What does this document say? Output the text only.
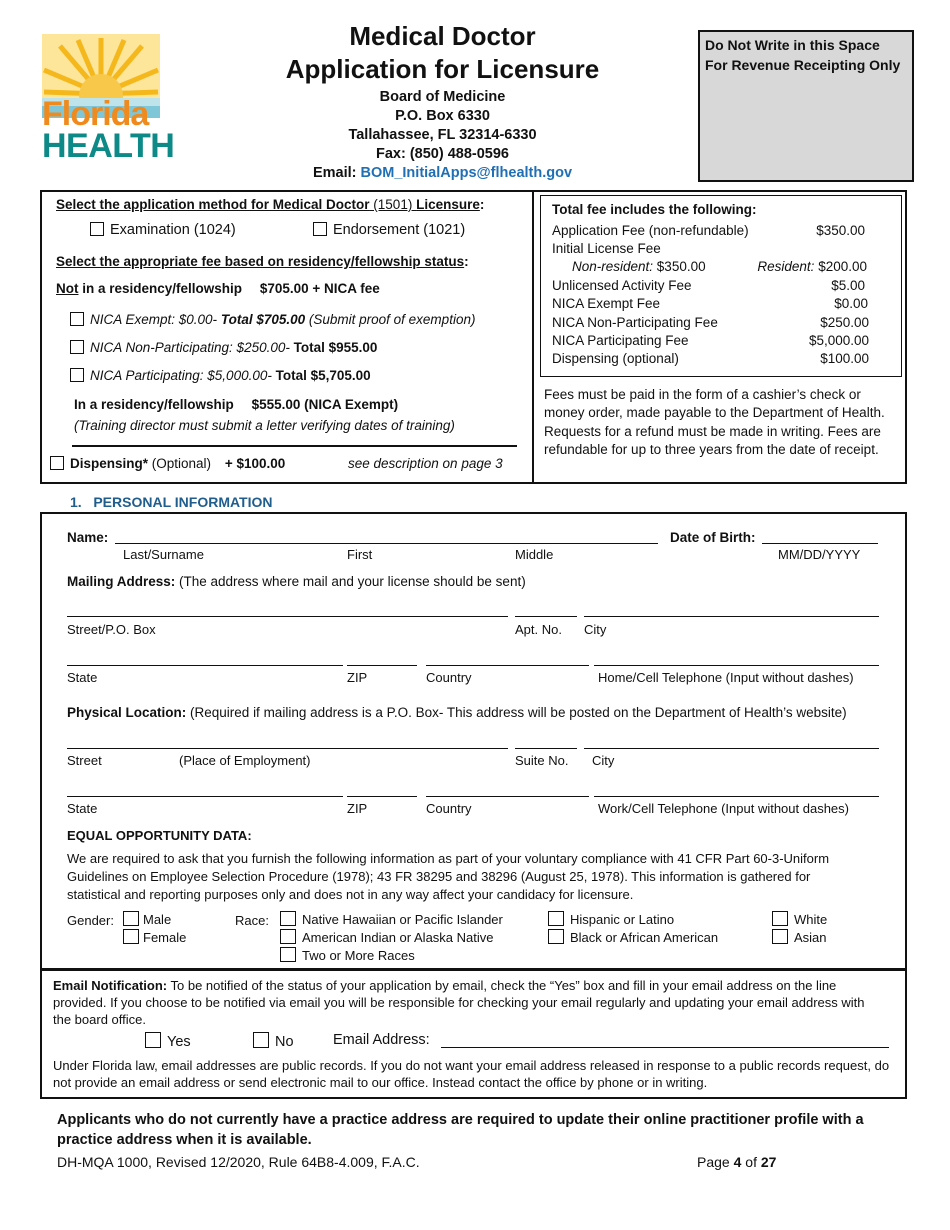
Florida
HEALTH
Medical Doctor
Application for Licensure
Board of Medicine
P.O. Box 6330
Tallahassee, FL 32314-6330
Fax: (850) 488-0596
Email: BOM_InitialApps@flhealth.gov
Do Not Write in this Space
For Revenue Receipting Only
Select the application method for Medical Doctor (1501) Licensure:
Examination (1024)	Endorsement (1021)
Select the appropriate fee based on residency/fellowship status:
Not in a residency/fellowship $705.00 + NICA fee
NICA Exempt: $0.00- Total $705.00 (Submit proof of exemption)
NICA Non-Participating: $250.00- Total $955.00
NICA Participating: $5,000.00- Total $5,705.00
In a residency/fellowship $555.00 (NICA Exempt)
(Training director must submit a letter verifying dates of training)
Dispensing* (Optional) + $100.00	see description on page 3
Total fee includes the following:
Application Fee (non-refundable)	$350.00
Initial License Fee
Non-resident: $350.00	Resident: $200.00
Unlicensed Activity Fee	$5.00
NICA Exempt Fee	$0.00
NICA Non-Participating Fee	$250.00
NICA Participating Fee	$5,000.00
Dispensing (optional)	$100.00
Fees must be paid in the form of a cashier’s check or money order, made payable to the Department of Health. Requests for a refund must be made in writing. Fees are refundable for up to three years from the date of receipt.
1.   PERSONAL INFORMATION
Name:	Date of Birth:
Last/Surname	First	Middle	MM/DD/YYYY
Mailing Address: (The address where mail and your license should be sent)
Street/P.O. Box	Apt. No. City
State	ZIP	Country	Home/Cell Telephone (Input without dashes)
Physical Location: (Required if mailing address is a P.O. Box- This address will be posted on the Department of Health’s website)
Street	(Place of Employment)	Suite No. City
State	ZIP	Country	Work/Cell Telephone (Input without dashes)
EQUAL OPPORTUNITY DATA:
We are required to ask that you furnish the following information as part of your voluntary compliance with 41 CFR Part 60-3-Uniform Guidelines on Employee Selection Procedure (1978); 43 FR 38295 and 38296 (August 25, 1978). This information is gathered for statistical and reporting purposes only and does not in any way affect your candidacy for licensure.
Gender:	Male
Female
Race:	Native Hawaiian or Pacific Islander
American Indian or Alaska Native
Two or More Races
Hispanic or Latino
Black or African American
White
Asian
Email Notification: To be notified of the status of your application by email, check the “Yes” box and fill in your email address on the line provided. If you choose to be notified via email you will be responsible for checking your email regularly and updating your email address with the board office.
Yes	No	Email Address:
Under Florida law, email addresses are public records. If you do not want your email address released in response to a public records request, do not provide an email address or send electronic mail to our office. Instead contact the office by phone or in writing.
Applicants who do not currently have a practice address are required to update their online practitioner profile with a practice address when it is available.
DH-MQA 1000, Revised 12/2020, Rule 64B8-4.009, F.A.C.	Page 4 of 27
